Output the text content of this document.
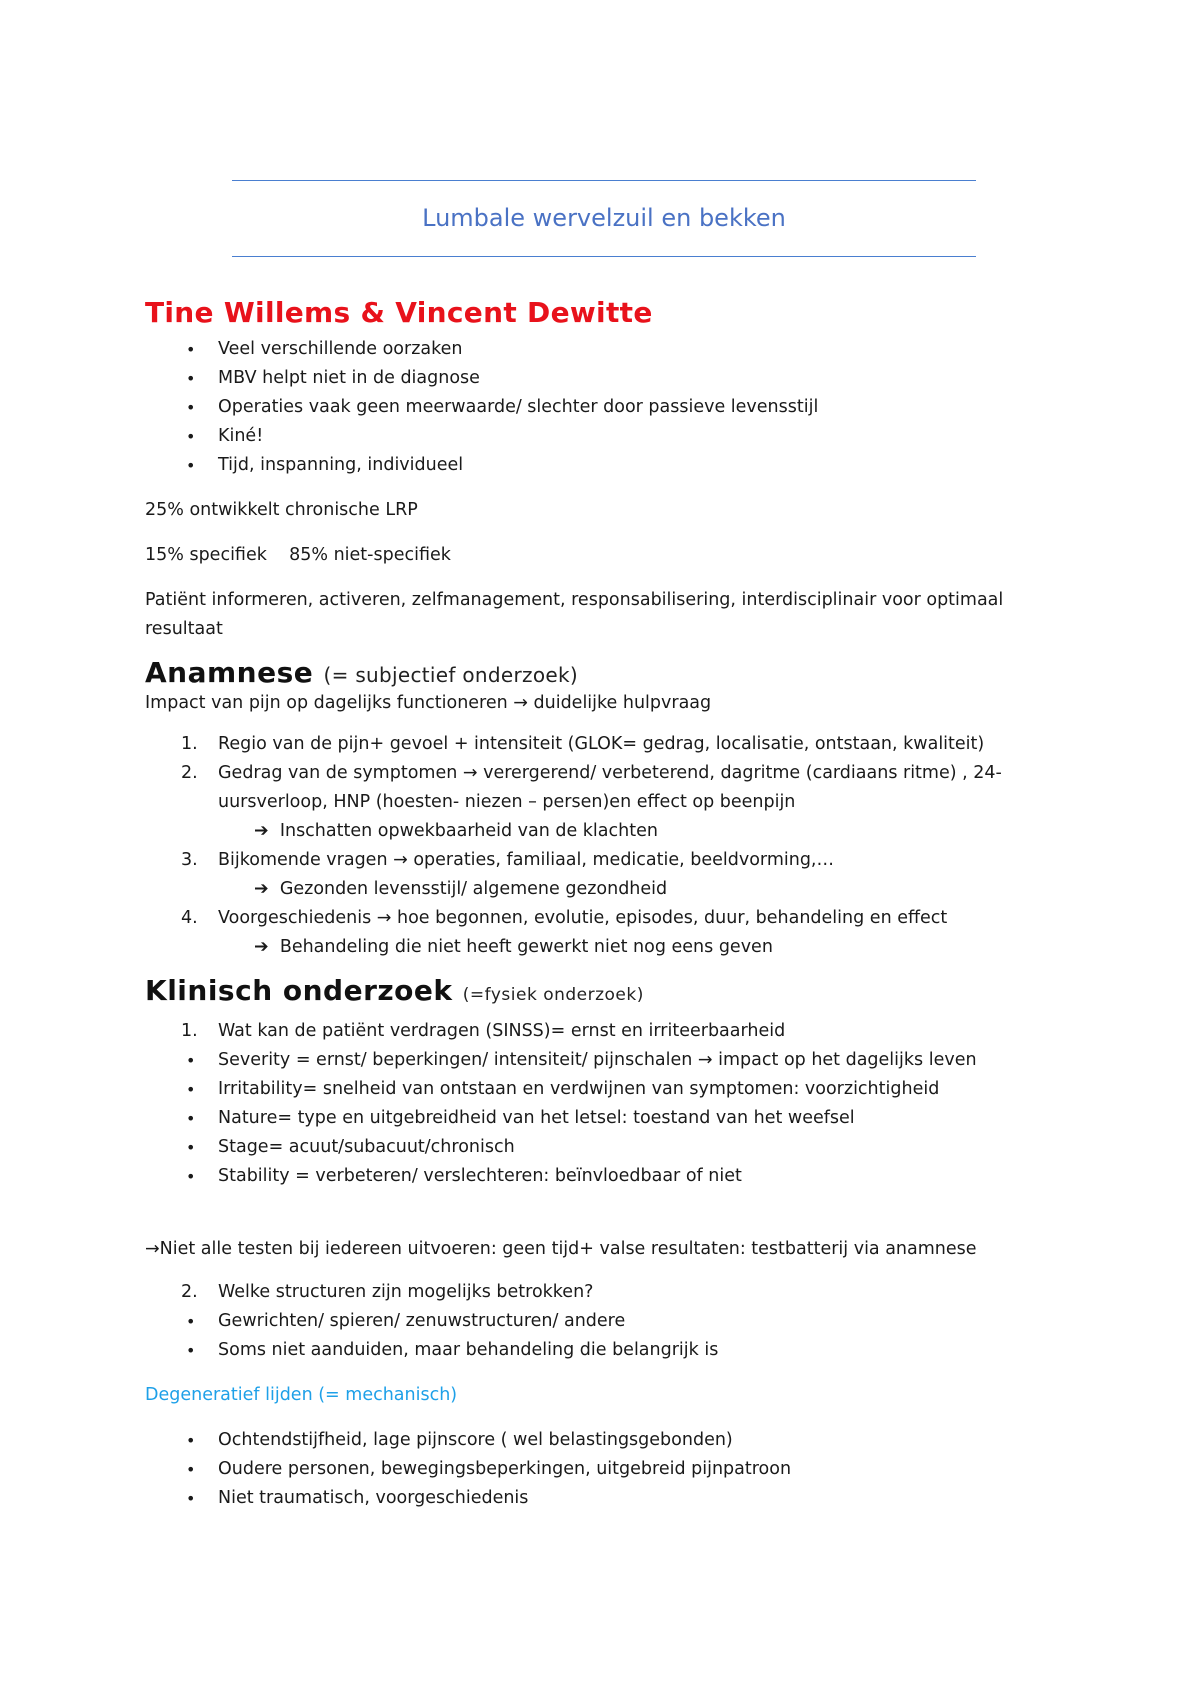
Lumbale wervelzuil en bekken
Tine Willems & Vincent Dewitte
• Veel verschillende oorzaken
• MBV helpt niet in de diagnose
• Operaties vaak geen meerwaarde/ slechter door passieve levensstijl
• Kiné!
• Tijd, inspanning, individueel

25% ontwikkelt chronische LRP

15% specifiek    85% niet-specifiek

Patiënt informeren, activeren, zelfmanagement, responsabilisering, interdisciplinair voor optimaal resultaat

Anamnese (= subjectief onderzoek)

Impact van pijn op dagelijks functioneren → duidelijke hulpvraag

1. Regio van de pijn+ gevoel + intensiteit (GLOK= gedrag, localisatie, ontstaan, kwaliteit)
2. Gedrag van de symptomen → verergerend/ verbeterend, dagritme (cardiaans ritme) , 24-uursverloop, HNP (hoesten- niezen – persen)en effect op beenpijn
➔ Inschatten opwekbaarheid van de klachten
3. Bijkomende vragen → operaties, familiaal, medicatie, beeldvorming,…
➔ Gezonden levensstijl/ algemene gezondheid
4. Voorgeschiedenis → hoe begonnen, evolutie, episodes, duur, behandeling en effect
➔ Behandeling die niet heeft gewerkt niet nog eens geven
Klinisch onderzoek (=fysiek onderzoek)
1. Wat kan de patiënt verdragen (SINSS)= ernst en irriteerbaarheid
• Severity = ernst/ beperkingen/ intensiteit/ pijnschalen → impact op het dagelijks leven
• Irritability= snelheid van ontstaan en verdwijnen van symptomen: voorzichtigheid
• Nature= type en uitgebreidheid van het letsel: toestand van het weefsel
• Stage= acuut/subacuut/chronisch
• Stability = verbeteren/ verslechteren: beïnvloedbaar of niet

→Niet alle testen bij iedereen uitvoeren: geen tijd+ valse resultaten: testbatterij via anamnese

2. Welke structuren zijn mogelijks betrokken?
• Gewrichten/ spieren/ zenuwstructuren/ andere
• Soms niet aanduiden, maar behandeling die belangrijk is

Degeneratief lijden (= mechanisch)

• Ochtendstijfheid, lage pijnscore ( wel belastingsgebonden)
• Oudere personen, bewegingsbeperkingen, uitgebreid pijnpatroon
• Niet traumatisch, voorgeschiedenis
